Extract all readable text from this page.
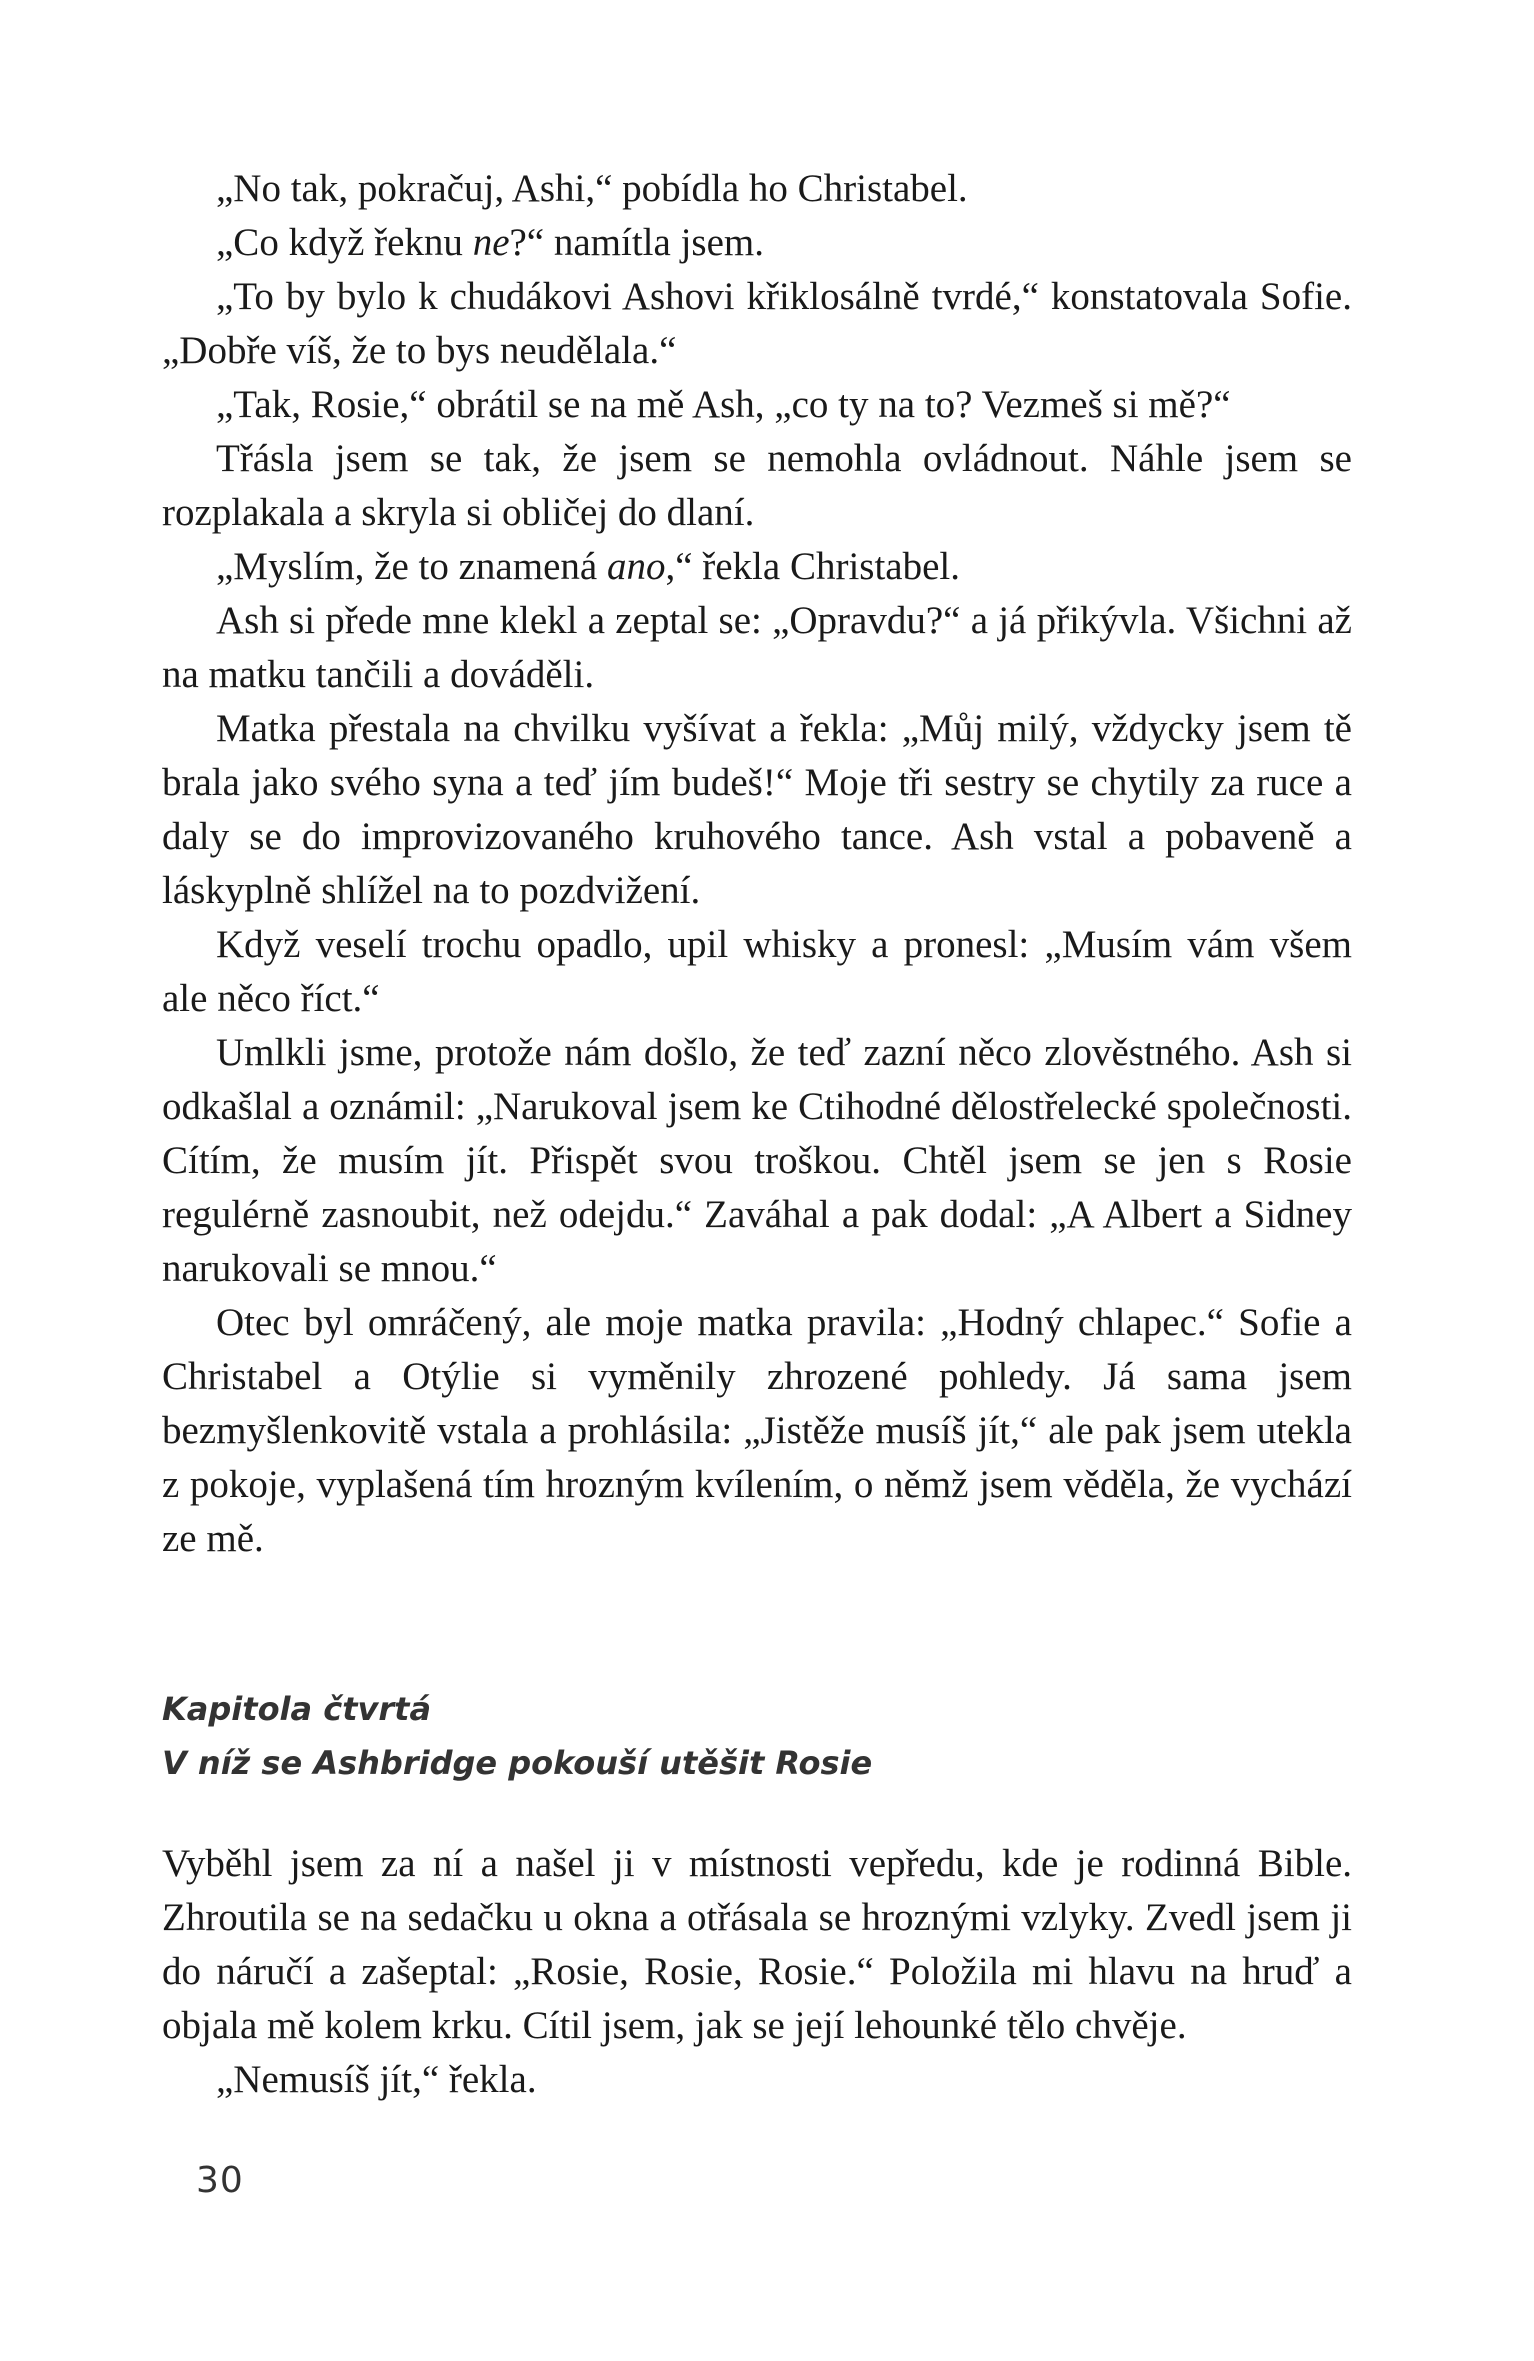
„No tak, pokračuj, Ashi,“ pobídla ho Christabel.

„Co když řeknu ne?“ namítla jsem.

„To by bylo k chudákovi Ashovi křiklosálně tvrdé,“ konstatovala Sofie. „Dobře víš, že to bys neudělala.“

„Tak, Rosie,“ obrátil se na mě Ash, „co ty na to? Vezmeš si mě?“

Třásla jsem se tak, že jsem se nemohla ovládnout. Náhle jsem se rozplakala a skryla si obličej do dlaní.

„Myslím, že to znamená ano,“ řekla Christabel.

Ash si přede mne klekl a zeptal se: „Opravdu?“ a já přikývla. Všichni až na matku tančili a dováděli.

Matka přestala na chvilku vyšívat a řekla: „Můj milý, vždycky jsem tě brala jako svého syna a teď jím budeš!“ Moje tři sestry se chytily za ruce a daly se do improvizovaného kruhového tance. Ash vstal a pobaveně a láskyplně shlížel na to pozdvižení.

Když veselí trochu opadlo, upil whisky a pronesl: „Musím vám všem ale něco říct.“

Umlkli jsme, protože nám došlo, že teď zazní něco zlověstného. Ash si odkašlal a oznámil: „Narukoval jsem ke Ctihodné dělostřelecké společnosti. Cítím, že musím jít. Přispět svou troškou. Chtěl jsem se jen s Rosie regulérně zasnoubit, než odejdu.“ Zaváhal a pak dodal: „A Albert a Sidney narukovali se mnou.“

Otec byl omráčený, ale moje matka pravila: „Hodný chlapec.“ Sofie a Christabel a Otýlie si vyměnily zhrozené pohledy. Já sama jsem bezmyšlenkovitě vstala a prohlásila: „Jistěže musíš jít,“ ale pak jsem utekla z pokoje, vyplašená tím hrozným kvílením, o němž jsem věděla, že vychází ze mě.

Kapitola čtvrtá
V níž se Ashbridge pokouší utěšit Rosie

Vyběhl jsem za ní a našel ji v místnosti vepředu, kde je rodinná Bible. Zhroutila se na sedačku u okna a otřásala se hroznými vzlyky. Zvedl jsem ji do náručí a zašeptal: „Rosie, Rosie, Rosie.“ Položila mi hlavu na hruď a objala mě kolem krku. Cítil jsem, jak se její lehounké tělo chvěje.

„Nemusíš jít,“ řekla.

30
